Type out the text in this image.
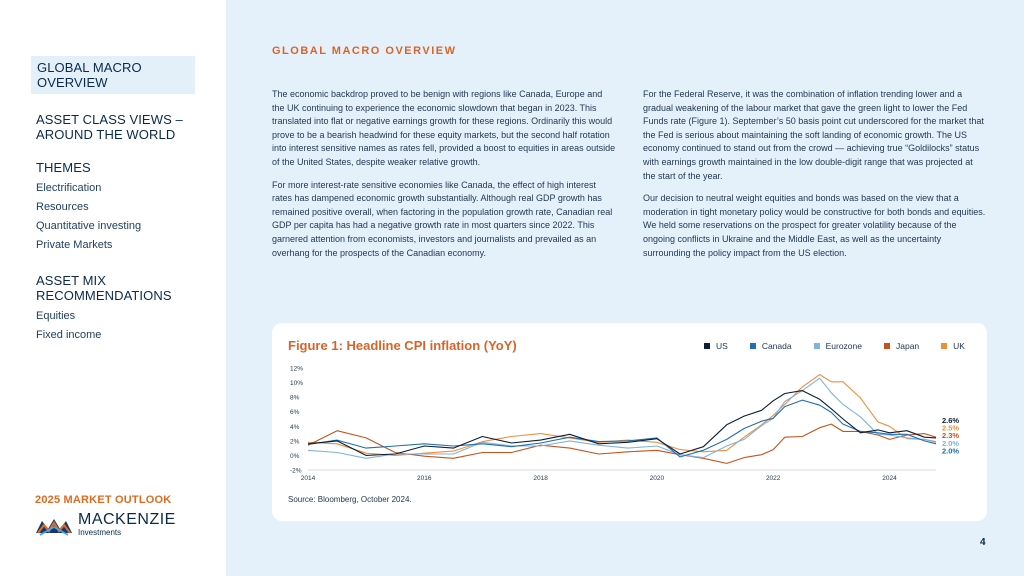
GLOBAL MACRO OVERVIEW
ASSET CLASS VIEWS – AROUND THE WORLD
THEMES
Electrification
Resources
Quantitative investing
Private Markets
ASSET MIX RECOMMENDATIONS
Equities
Fixed income
2025 MARKET OUTLOOK
MACKENZIE
Investments
GLOBAL MACRO OVERVIEW

The economic backdrop proved to be benign with regions like Canada, Europe and the UK continuing to experience the economic slowdown that began in 2023. This translated into flat or negative earnings growth for these regions. Ordinarily this would prove to be a bearish headwind for these equity markets, but the second half rotation into interest sensitive names as rates fell, provided a boost to equities in areas outside of the United States, despite weaker relative growth.

For more interest-rate sensitive economies like Canada, the effect of high interest rates has dampened economic growth substantially. Although real GDP growth has remained positive overall, when factoring in the population growth rate, Canadian real GDP per capita has had a negative growth rate in most quarters since 2022. This garnered attention from economists, investors and journalists and prevailed as an overhang for the prospects of the Canadian economy.

For the Federal Reserve, it was the combination of inflation trending lower and a gradual weakening of the labour market that gave the green light to lower the Fed Funds rate (Figure 1). September’s 50 basis point cut underscored for the market that the Fed is serious about maintaining the soft landing of economic growth. The US economy continued to stand out from the crowd — achieving true “Goldilocks” status with earnings growth maintained in the low double-digit range that was projected at the start of the year.

Our decision to neutral weight equities and bonds was based on the view that a moderation in tight monetary policy would be constructive for both bonds and equities. We held some reservations on the prospect for greater volatility because of the ongoing conflicts in Ukraine and the Middle East, as well as the uncertainty surrounding the policy impact from the US election.

-2%
0%
2%
4%
6%
8%
10%
12%
2014	2016	2018	2020	2022	2024
2.6%
2.5%
2.3%
2.0%
2.0%
Figure 1: Headline CPI inflation (YoY)	US	Canada	Eurozone	Japan	UK
Source: Bloomberg, October 2024.
4
